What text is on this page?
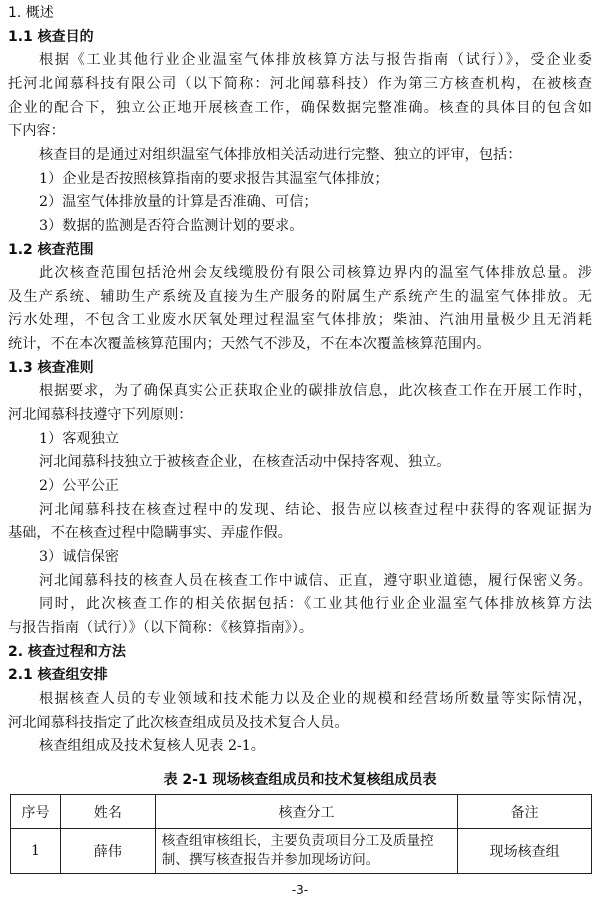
1. 概述
1.1 核查目的
根据《工业其他行业企业温室气体排放核算方法与报告指南（试行）》，受企业委
托河北闻慕科技有限公司（以下简称：河北闻慕科技）作为第三方核查机构，在被核查
企业的配合下，独立公正地开展核查工作，确保数据完整准确。核查的具体目的包含如
下内容：
核查目的是通过对组织温室气体排放相关活动进行完整、独立的评审，包括：
1）企业是否按照核算指南的要求报告其温室气体排放；
2）温室气体排放量的计算是否准确、可信；
3）数据的监测是否符合监测计划的要求。
1.2 核查范围
此次核查范围包括沧州会友线缆股份有限公司核算边界内的温室气体排放总量。涉
及生产系统、辅助生产系统及直接为生产服务的附属生产系统产生的温室气体排放。无
污水处理，不包含工业废水厌氧处理过程温室气体排放；柴油、汽油用量极少且无消耗
统计，不在本次覆盖核算范围内；天然气不涉及，不在本次覆盖核算范围内。
1.3 核查准则
根据要求，为了确保真实公正获取企业的碳排放信息，此次核查工作在开展工作时，
河北闻慕科技遵守下列原则：
1）客观独立
河北闻慕科技独立于被核查企业，在核查活动中保持客观、独立。
2）公平公正
河北闻慕科技在核查过程中的发现、结论、报告应以核查过程中获得的客观证据为
基础，不在核查过程中隐瞒事实、弄虚作假。
3）诚信保密
河北闻慕科技的核查人员在核查工作中诚信、正直，遵守职业道德，履行保密义务。
同时，此次核查工作的相关依据包括：《工业其他行业企业温室气体排放核算方法
与报告指南（试行）》（以下简称：《核算指南》）。
2. 核查过程和方法
2.1 核查组安排
根据核查人员的专业领域和技术能力以及企业的规模和经营场所数量等实际情况，
河北闻慕科技指定了此次核查组成员及技术复合人员。
核查组组成及技术复核人见表 2-1。
表 2-1 现场核查组成员和技术复核组成员表
序号	姓名	核查分工	备注
1	薛伟	核查组审核组长，主要负责项目分工及质量控制、撰写核查报告并参加现场访问。	现场核查组
-3-
